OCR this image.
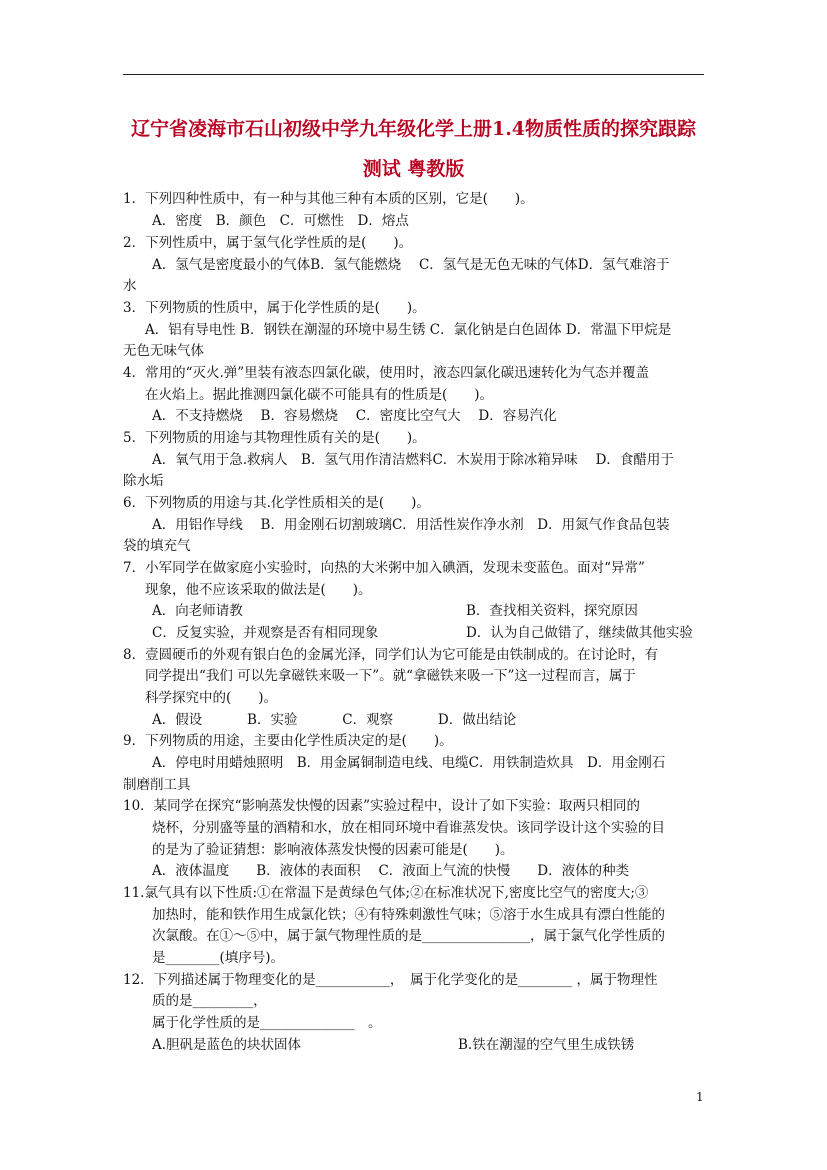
辽宁省凌海市石山初级中学九年级化学上册1.4物质性质的探究跟踪
测试 粤教版
1．下列四种性质中，有一种与其他三种有本质的区别，它是(　　)。
A．密度　B．颜色　C．可燃性　D．熔点
2．下列性质中，属于氢气化学性质的是(　　)。
A．氢气是密度最小的气体B．氢气能燃烧　 C．氢气是无色无味的气体D．氢气难溶于
水
3．下列物质的性质中，属于化学性质的是(　　)。
A．铝有导电性 B．钢铁在潮湿的环境中易生锈 C．氯化钠是白色固体 D．常温下甲烷是
无色无味气体
4．常用的“灭火.弹”里装有液态四氯化碳，使用时，液态四氯化碳迅速转化为气态并覆盖
在火焰上。据此推测四氯化碳不可能具有的性质是(　　)。
A．不支持燃烧　 B．容易燃烧　 C．密度比空气大　 D．容易汽化
5．下列物质的用途与其物理性质有关的是(　　)。
A．氧气用于急.救病人　B．氢气用作清洁燃料C．木炭用于除冰箱异味　 D．食醋用于
除水垢
6．下列物质的用途与其.化学性质相关的是(　　)。
A．用铝作导线　 B．用金刚石切割玻璃C．用活性炭作净水剂　D．用氮气作食品包装
袋的填充气
7．小军同学在做家庭小实验时，向热的大米粥中加入碘酒，发现未变蓝色。面对“异常”
现象，他不应该采取的做法是(　　)。
A．向老师请教	B．查找相关资料，探究原因
C．反复实验，并观察是否有相同现象	D．认为自己做错了，继续做其他实验
8．壹圆硬币的外观有银白色的金属光泽，同学们认为它可能是由铁制成的。在讨论时，有
同学提出“我们 可以先拿磁铁来吸一下”。就“拿磁铁来吸一下”这一过程而言，属于
科学探究中的(　　)。
A．假设　　　 B．实验　　　 C．观察　　　 D．做出结论
9．下列物质的用途，主要由化学性质决定的是(　　)。
A．停电时用蜡烛照明　B．用金属铜制造电线、电缆C．用铁制造炊具　D．用金刚石
制磨削工具
10．某同学在探究“影响蒸发快慢的因素”实验过程中，设计了如下实验：取两只相同的
烧杯，分别盛等量的酒精和水，放在相同环境中看谁蒸发快。该同学设计这个实验的目
的是为了验证猜想：影响液体蒸发快慢的因素可能是(　　)。
A．液体温度　　B．液体的表面积　 C．液面上气流的快慢　　D．液体的种类
11.氯气具有以下性质:①在常温下是黄绿色气体;②在标准状况下,密度比空气的密度大;③
加热时，能和铁作用生成氯化铁；④有特殊刺激性气味；⑤溶于水生成具有漂白性能的
次氯酸。在①～⑤中，属于氯气物理性质的是________________，属于氯气化学性质的
是________(填序号)。
12．下列描述属于物理变化的是___________，　属于化学变化的是________ ，属于物理性
质的是_________，
属于化学性质的是______________　。
A.胆矾是蓝色的块状固体	B.铁在潮湿的空气里生成铁锈
1
